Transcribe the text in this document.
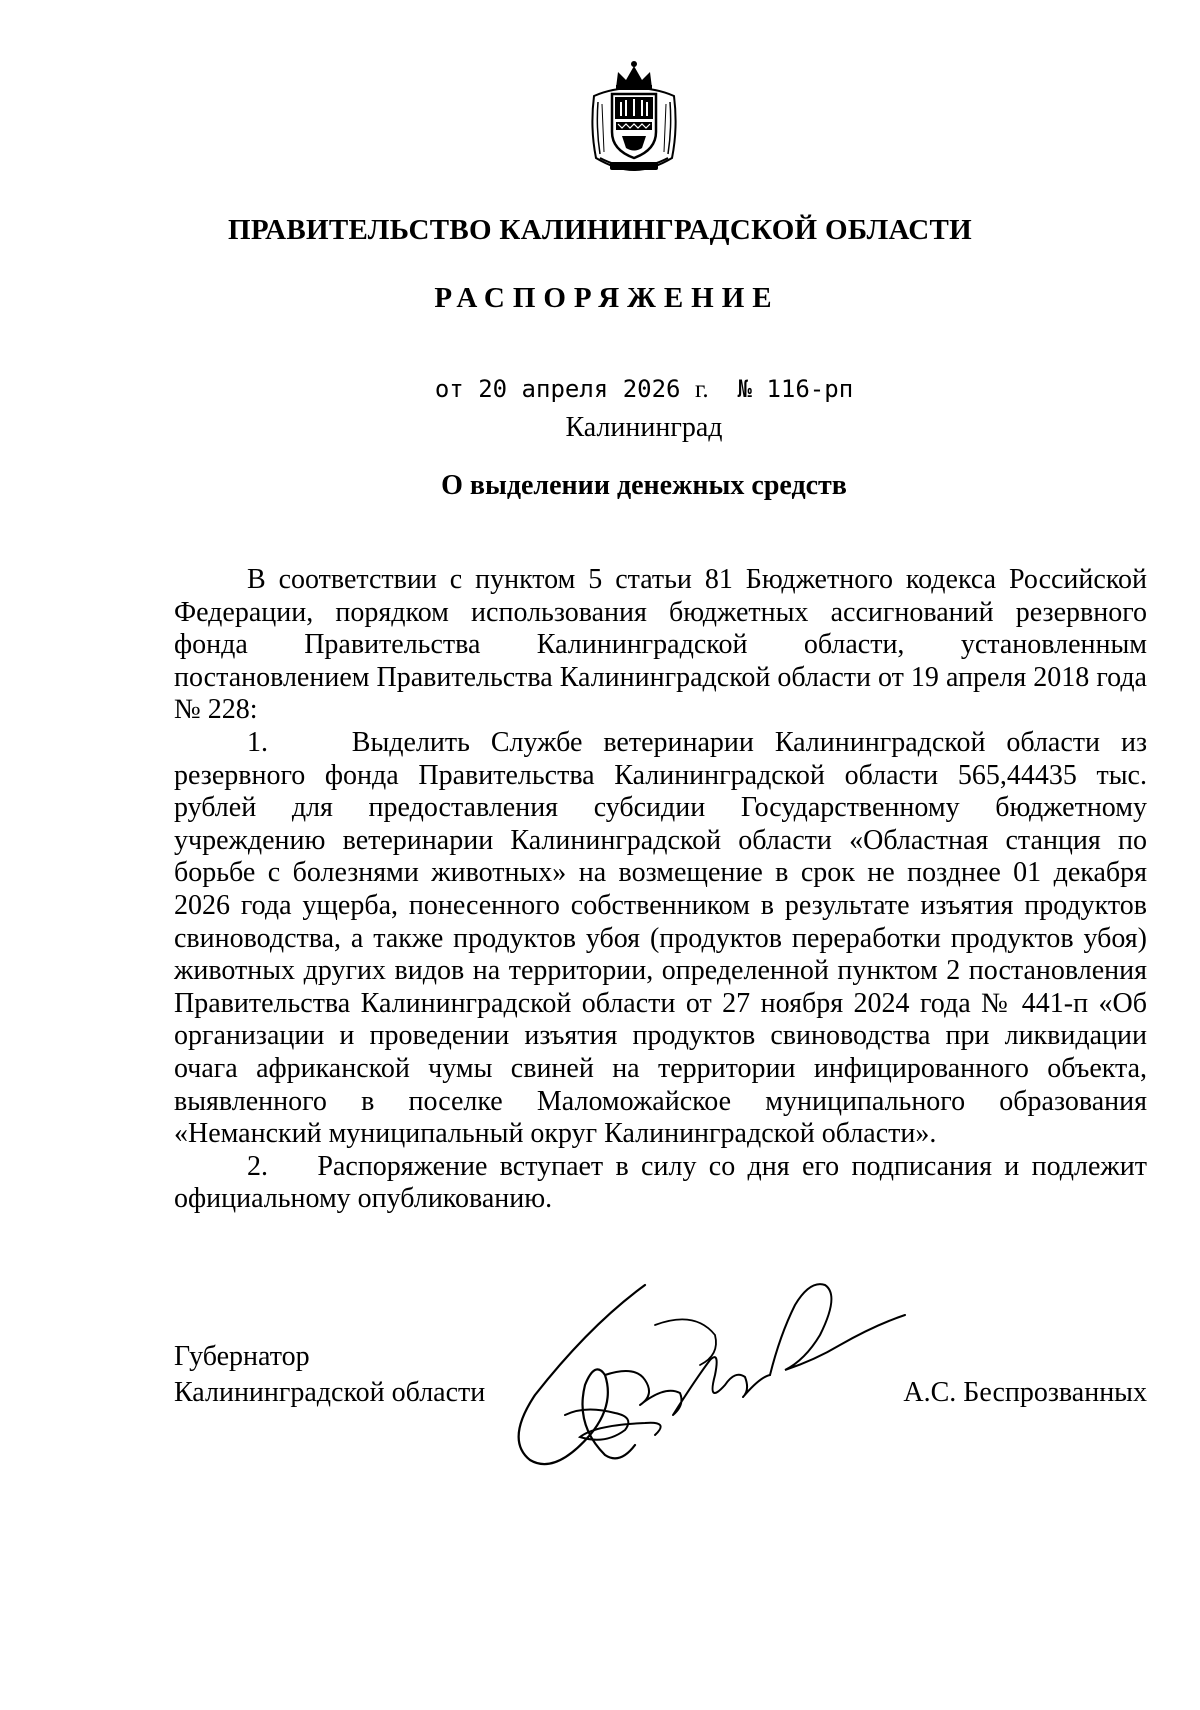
ПРАВИТЕЛЬСТВО КАЛИНИНГРАДСКОЙ ОБЛАСТИ
РАСПОРЯЖЕНИЕ
от 20 апреля 2026 г. № 116-рп
Калининград
О выделении денежных средств

В соответствии с пунктом 5 статьи 81 Бюджетного кодекса Российской Федерации, порядком использования бюджетных ассигнований резервного фонда Правительства Калининградской области, установленным постановлением Правительства Калининградской области от 19 апреля 2018 года № 228:

1.    Выделить Службе ветеринарии Калининградской области из резервного фонда Правительства Калининградской области 565,44435 тыс. рублей для предоставления субсидии Государственному бюджетному учреждению ветеринарии Калининградской области «Областная станция по борьбе с болезнями животных» на возмещение в срок не позднее 01 декабря 2026 года ущерба, понесенного собственником в результате изъятия продуктов свиноводства, а также продуктов убоя (продуктов переработки продуктов убоя) животных других видов на территории, определенной пунктом 2 постановления Правительства Калининградской области от 27 ноября 2024 года № 441-п «Об организации и проведении изъятия продуктов свиноводства при ликвидации очага африканской чумы свиней на территории инфицированного объекта, выявленного в поселке Маломожайское муниципального образования «Неманский муниципальный округ Калининградской области».

2.    Распоряжение вступает в силу со дня его подписания и подлежит официальному опубликованию.

Губернатор
Калининградской области	А.С. Беспрозванных
